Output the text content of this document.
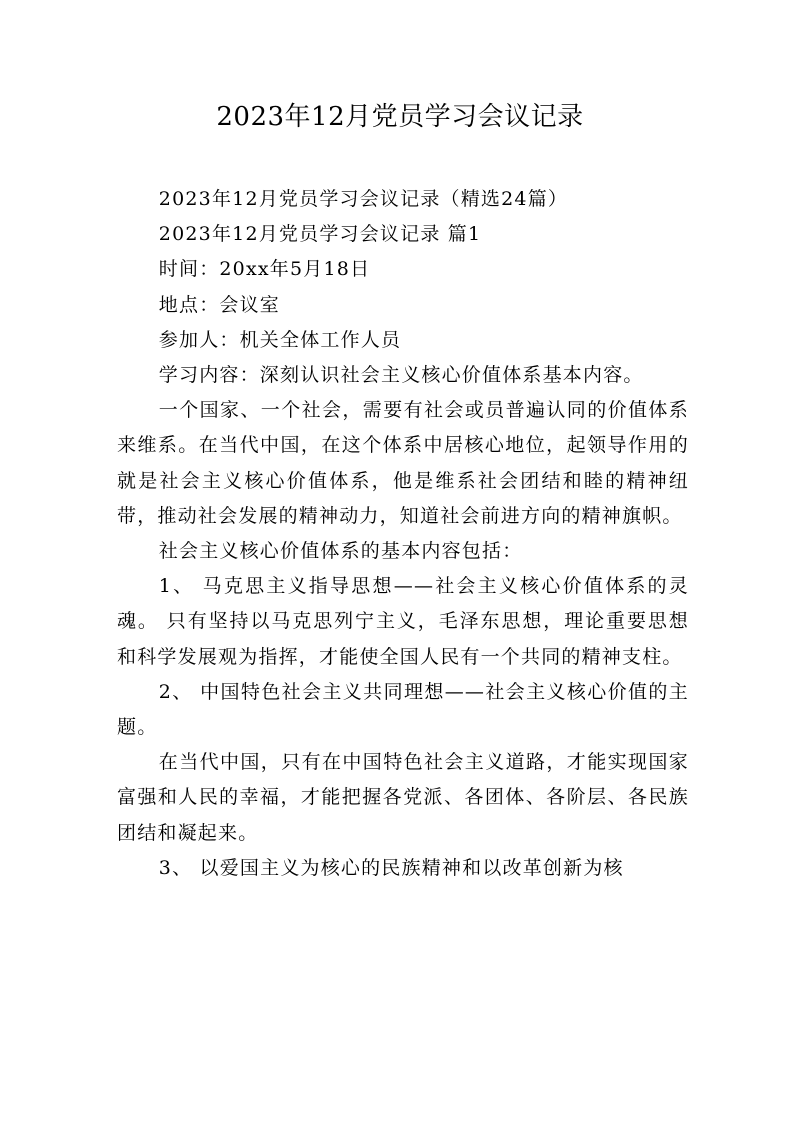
2023年12月党员学习会议记录

2023年12月党员学习会议记录（精选24篇）

2023年12月党员学习会议记录 篇1

时间：20xx年5月18日

地点：会议室

参加人：机关全体工作人员

学习内容：深刻认识社会主义核心价值体系基本内容。

一个国家、一个社会，需要有社会或员普遍认同的价值体系来维系。在当代中国，在这个体系中居核心地位，起领导作用的就是社会主义核心价值体系，他是维系社会团结和睦的精神纽带，推动社会发展的精神动力，知道社会前进方向的精神旗帜。

社会主义核心价值体系的基本内容包括：

1、 马克思主义指导思想——社会主义核心价值体系的灵魂。 只有坚持以马克思列宁主义，毛泽东思想，理论重要思想和科学发展观为指挥，才能使全国人民有一个共同的精神支柱。

2、 中国特色社会主义共同理想——社会主义核心价值的主题。

在当代中国，只有在中国特色社会主义道路，才能实现国家富强和人民的幸福，才能把握各党派、各团体、各阶层、各民族团结和凝起来。

3、 以爱国主义为核心的民族精神和以改革创新为核
